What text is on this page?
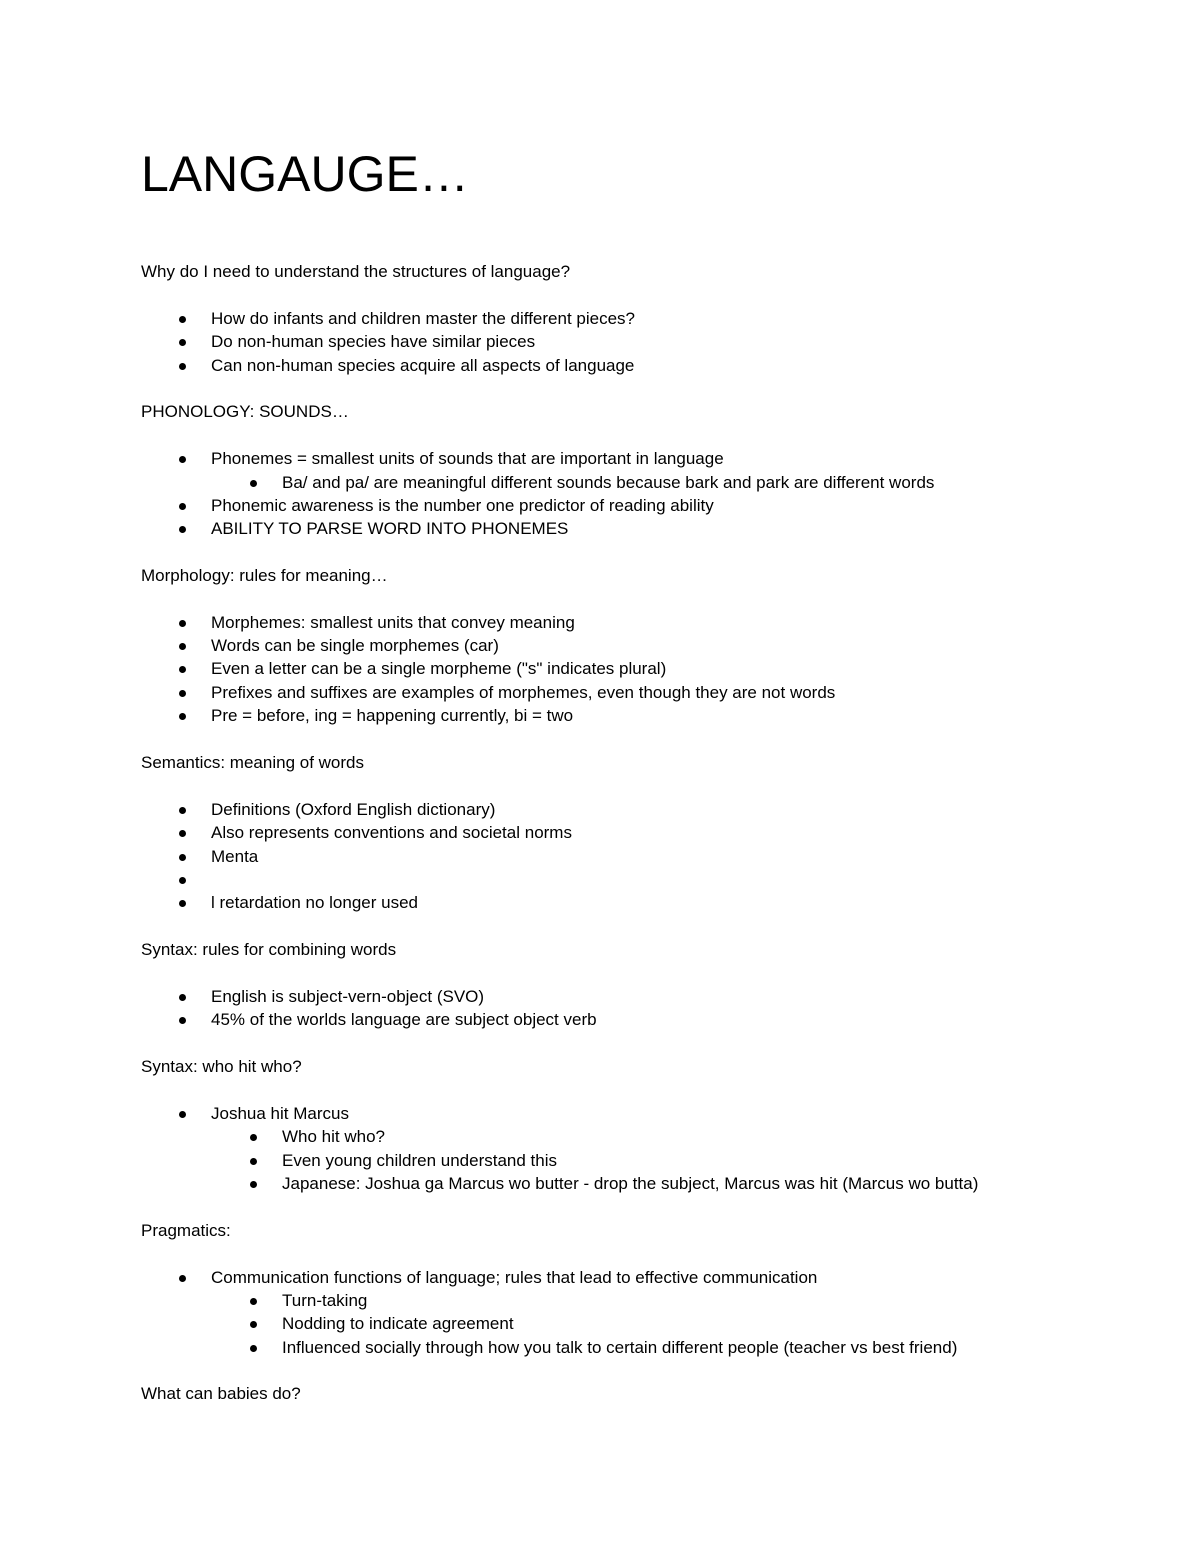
LANGAUGE…

Why do I need to understand the structures of language?

How do infants and children master the different pieces?
Do non-human species have similar pieces
Can non-human species acquire all aspects of language

PHONOLOGY: SOUNDS…

Phonemes = smallest units of sounds that are important in language
Ba/ and pa/ are meaningful different sounds because bark and park are different words
Phonemic awareness is the number one predictor of reading ability
ABILITY TO PARSE WORD INTO PHONEMES

Morphology: rules for meaning…

Morphemes: smallest units that convey meaning
Words can be single morphemes (car)
Even a letter can be a single morpheme ("s" indicates plural)
Prefixes and suffixes are examples of morphemes, even though they are not words
Pre = before, ing = happening currently, bi = two

Semantics: meaning of words

Definitions (Oxford English dictionary)
Also represents conventions and societal norms
Menta
l retardation no longer used

Syntax: rules for combining words

English is subject-vern-object (SVO)
45% of the worlds language are subject object verb

Syntax: who hit who?

Joshua hit Marcus
Who hit who?
Even young children understand this
Japanese: Joshua ga Marcus wo butter - drop the subject, Marcus was hit (Marcus wo butta)

Pragmatics:

Communication functions of language; rules that lead to effective communication
Turn-taking
Nodding to indicate agreement
Influenced socially through how you talk to certain different people (teacher vs best friend)

What can babies do?
